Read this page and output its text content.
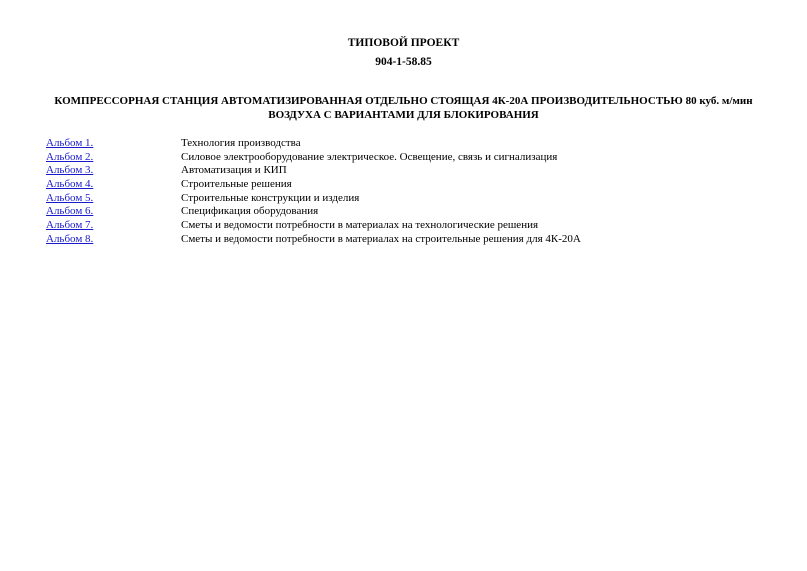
ТИПОВОЙ ПРОЕКТ
904-1-58.85
КОМПРЕССОРНАЯ СТАНЦИЯ АВТОМАТИЗИРОВАННАЯ ОТДЕЛЬНО СТОЯЩАЯ 4К-20А ПРОИЗВОДИТЕЛЬНОСТЬЮ 80 куб. м/мин
ВОЗДУХА С ВАРИАНТАМИ ДЛЯ БЛОКИРОВАНИЯ
Альбом 1.	Технология производства
Альбом 2.	Силовое электрооборудование электрическое. Освещение, связь и сигнализация
Альбом 3.	Автоматизация и КИП
Альбом 4.	Строительные решения
Альбом 5.	Строительные конструкции и изделия
Альбом 6.	Спецификация оборудования
Альбом 7.	Сметы и ведомости потребности в материалах на технологические решения
Альбом 8.	Сметы и ведомости потребности в материалах на строительные решения для 4К-20А
